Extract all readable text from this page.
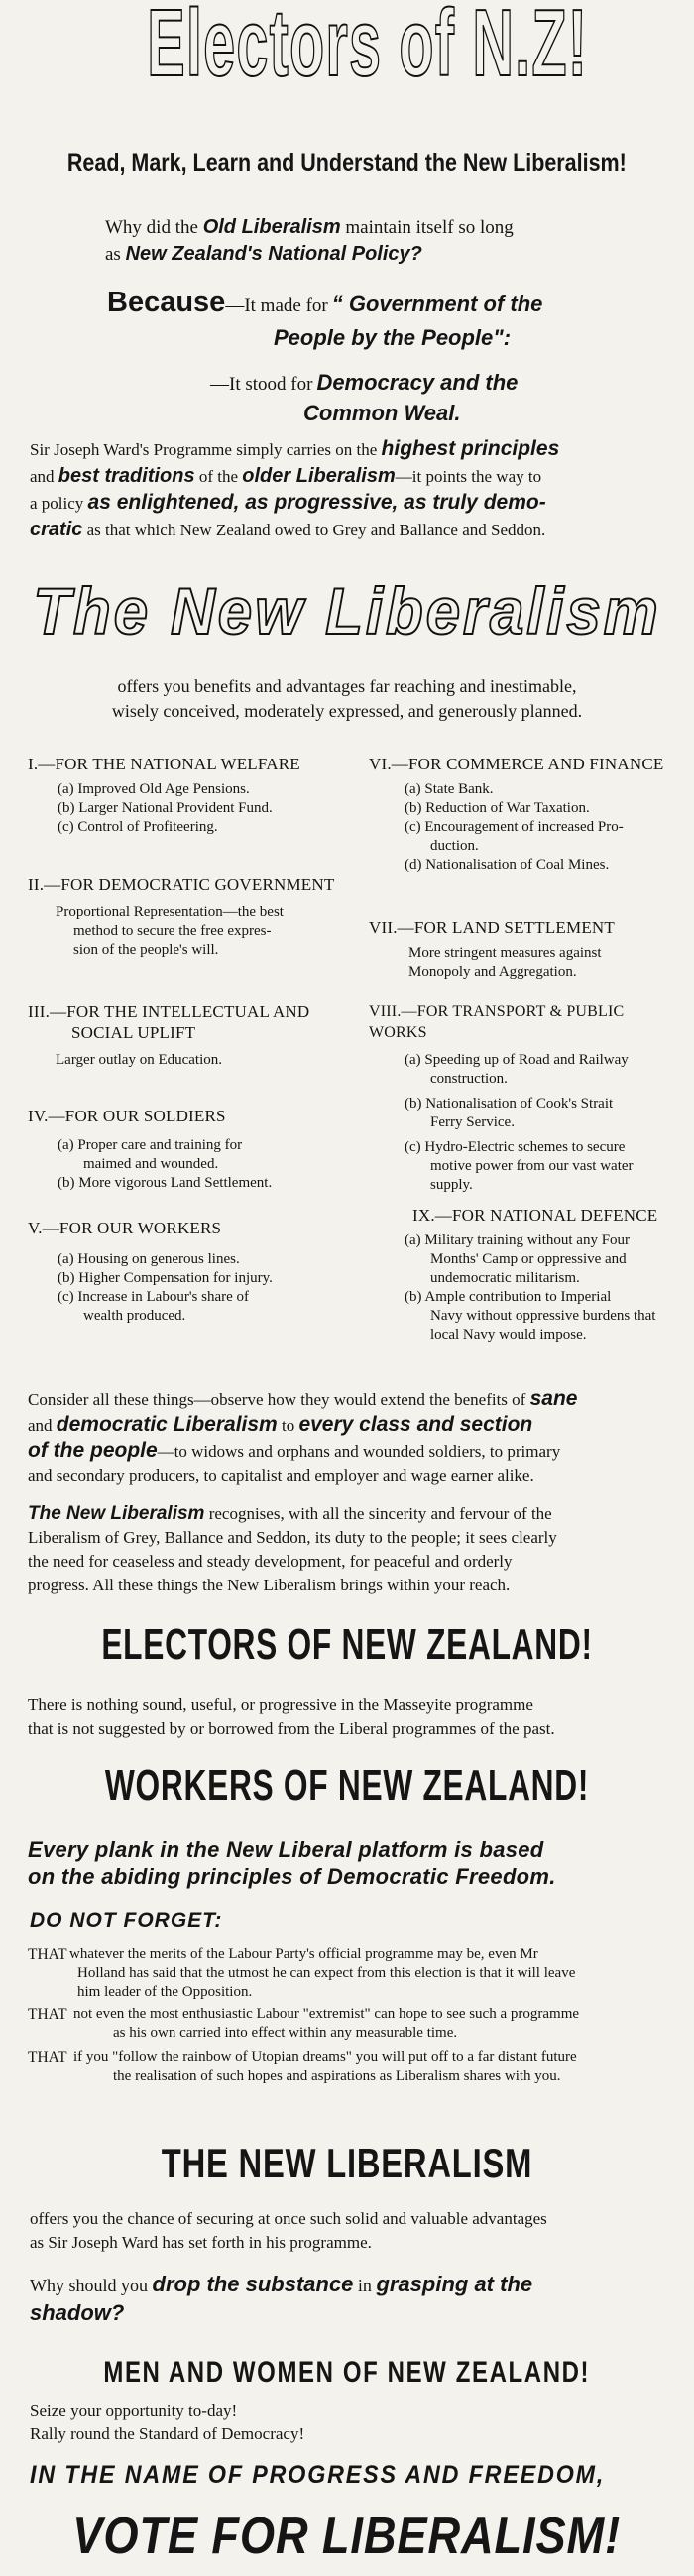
Electors of N.Z!
Read, Mark, Learn and Understand the New Liberalism!

Why did the Old Liberalism maintain itself so long

as New Zealand's National Policy?

Because—It made for “ Government of the

People by the People":

—It stood for Democracy and the

Common Weal.

Sir Joseph Ward's Programme simply carries on the highest principles

and best traditions of the older Liberalism—it points the way to

a policy as enlightened, as progressive, as truly demo-

cratic as that which New Zealand owed to Grey and Ballance and Seddon.

The New Liberalism

offers you benefits and advantages far reaching and inestimable,

wisely conceived, moderately expressed, and generously planned.

I.—FOR THE NATIONAL WELFARE

(a) Improved Old Age Pensions.

(b) Larger National Provident Fund.

(c) Control of Profiteering.

II.—FOR DEMOCRATIC GOVERNMENT

Proportional Representation—the best

method to secure the free expres-

sion of the people's will.

III.—FOR THE INTELLECTUAL AND

SOCIAL UPLIFT

Larger outlay on Education.

IV.—FOR OUR SOLDIERS

(a) Proper care and training for

maimed and wounded.

(b) More vigorous Land Settlement.

V.—FOR OUR WORKERS

(a) Housing on generous lines.

(b) Higher Compensation for injury.

(c) Increase in Labour's share of

wealth produced.

VI.—FOR COMMERCE AND FINANCE

(a) State Bank.

(b) Reduction of War Taxation.

(c) Encouragement of increased Pro-

duction.

(d) Nationalisation of Coal Mines.

VII.—FOR LAND SETTLEMENT

More stringent measures against

Monopoly and Aggregation.

VIII.—FOR TRANSPORT & PUBLIC WORKS

(a) Speeding up of Road and Railway

construction.

(b) Nationalisation of Cook's Strait

Ferry Service.

(c) Hydro-Electric schemes to secure

motive power from our vast water

supply.

IX.—FOR NATIONAL DEFENCE

(a) Military training without any Four

Months' Camp or oppressive and

undemocratic militarism.

(b) Ample contribution to Imperial

Navy without oppressive burdens that

local Navy would impose.

Consider all these things—observe how they would extend the benefits of sane

and democratic Liberalism to every class and section

of the people—to widows and orphans and wounded soldiers, to primary

and secondary producers, to capitalist and employer and wage earner alike.

The New Liberalism recognises, with all the sincerity and fervour of the

Liberalism of Grey, Ballance and Seddon, its duty to the people; it sees clearly

the need for ceaseless and steady development, for peaceful and orderly

progress. All these things the New Liberalism brings within your reach.

ELECTORS OF NEW ZEALAND!

There is nothing sound, useful, or progressive in the Masseyite programme

that is not suggested by or borrowed from the Liberal programmes of the past.

WORKERS OF NEW ZEALAND!

Every plank in the New Liberal platform is based

on the abiding principles of Democratic Freedom.

DO NOT FORGET:
THAT whatever the merits of the Labour Party's official programme may be, even Mr

Holland has said that the utmost he can expect from this election is that it will leave

him leader of the Opposition.

THAT not even the most enthusiastic Labour "extremist" can hope to see such a programme

as his own carried into effect within any measurable time.

THAT if you "follow the rainbow of Utopian dreams" you will put off to a far distant future

the realisation of such hopes and aspirations as Liberalism shares with you.

THE NEW LIBERALISM

offers you the chance of securing at once such solid and valuable advantages

as Sir Joseph Ward has set forth in his programme.

Why should you drop the substance in grasping at the

shadow?

MEN AND WOMEN OF NEW ZEALAND!

Seize your opportunity to-day!

Rally round the Standard of Democracy!

IN THE NAME OF PROGRESS AND FREEDOM,
VOTE FOR LIBERALISM!
